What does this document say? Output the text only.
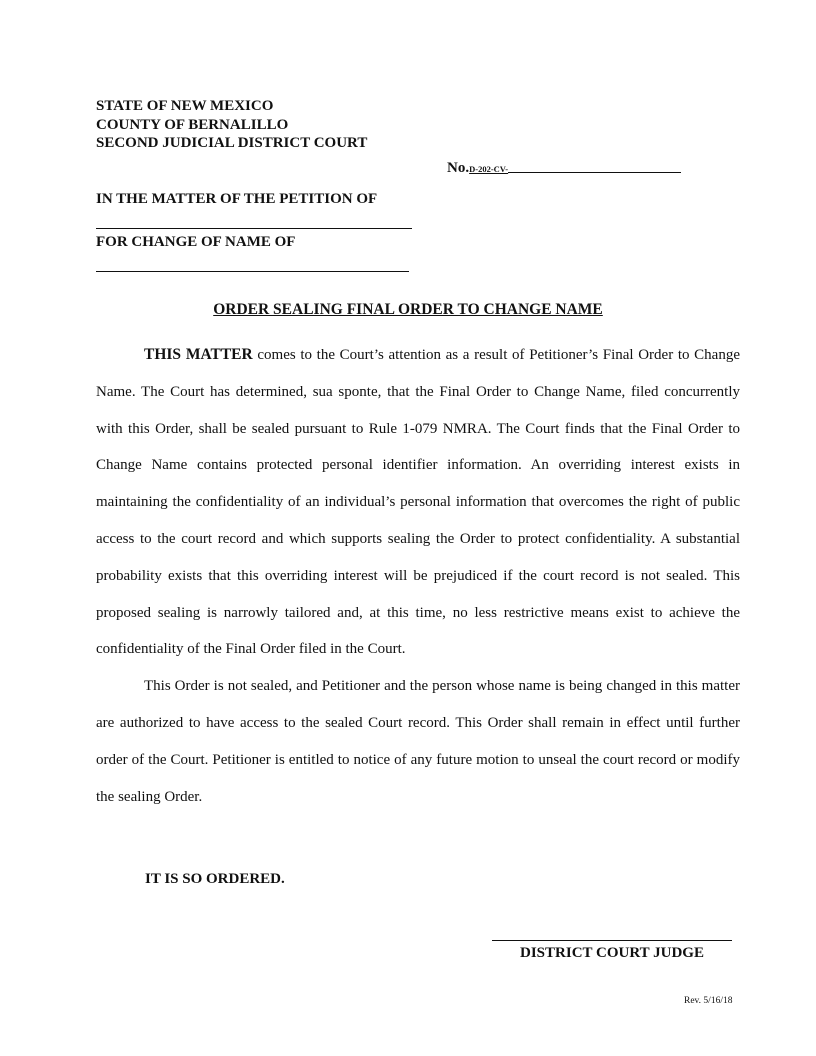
STATE OF NEW MEXICO
COUNTY OF BERNALILLO
SECOND JUDICIAL DISTRICT COURT
No.D-202-CV-
IN THE MATTER OF THE PETITION OF
FOR CHANGE OF NAME OF
ORDER SEALING FINAL ORDER TO CHANGE NAME

THIS MATTER comes to the Court’s attention as a result of Petitioner’s Final Order to Change Name. The Court has determined, sua sponte, that the Final Order to Change Name, filed concurrently with this Order, shall be sealed pursuant to Rule 1-079 NMRA. The Court finds that the Final Order to Change Name contains protected personal identifier information. An overriding interest exists in maintaining the confidentiality of an individual’s personal information that overcomes the right of public access to the court record and which supports sealing the Order to protect confidentiality. A substantial probability exists that this overriding interest will be prejudiced if the court record is not sealed. This proposed sealing is narrowly tailored and, at this time, no less restrictive means exist to achieve the confidentiality of the Final Order filed in the Court.

This Order is not sealed, and Petitioner and the person whose name is being changed in this matter are authorized to have access to the sealed Court record. This Order shall remain in effect until further order of the Court. Petitioner is entitled to notice of any future motion to unseal the court record or modify the sealing Order.

IT IS SO ORDERED.
DISTRICT COURT JUDGE
Rev. 5/16/18
